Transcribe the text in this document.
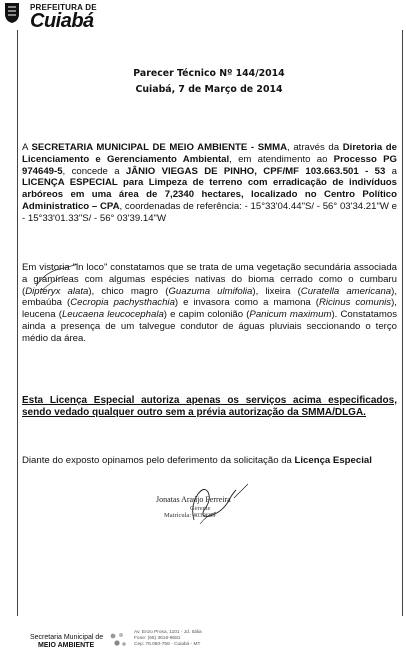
PREFEITURA DE
Cuiabá
Parecer Técnico Nº 144/2014
Cuiabá, 7 de Março de 2014
A SECRETARIA MUNICIPAL DE MEIO AMBIENTE - SMMA, através da Diretoria de Licenciamento e Gerenciamento Ambiental, em atendimento ao Processo PG 974649-5, concede a JÂNIO VIEGAS DE PINHO, CPF/MF 103.663.501 - 53 a LICENÇA ESPECIAL para Limpeza de terreno com erradicação de indivíduos arbóreos em uma área de 7,2340 hectares, localizado no Centro Político Administratico – CPA, coordenadas de referência: - 15°33'04.44"S/ - 56° 03'34.21"W e - 15°33'01.33"S/ - 56° 03'39.14"W
Em vistoria "in loco" constatamos que se trata de uma vegetação secundária associada a gramíneas com algumas espécies nativas do bioma cerrado como o cumbaru (Dipteryx alata), chico magro (Guazuma ulmifolia), lixeira (Curatella americana), embaúba (Cecropia pachysthachia) e invasora como a mamona (Ricinus comunis), leucena (Leucaena leucocephala) e capim colonião (Panicum maximum). Constatamos ainda a presença de um talvegue condutor de águas pluviais seccionando o terço médio da área.
Esta Licença Especial autoriza apenas os serviços acima especificados, sendo vedado qualquer outro sem a prévia autorização da SMMA/DLGA.
Diante do exposto opinamos pelo deferimento da solicitação da Licença Especial
Jonatas Araújo Ferreira
Gerente
Matrícula: 4039609
Secretaria Municipal de
MEIO AMBIENTE
Av. Enzo Prosa, 1101 - Jd. Itália
Fone: (65) 3616-9681
Cep: 78.060-758 - Cuiabá - MT
